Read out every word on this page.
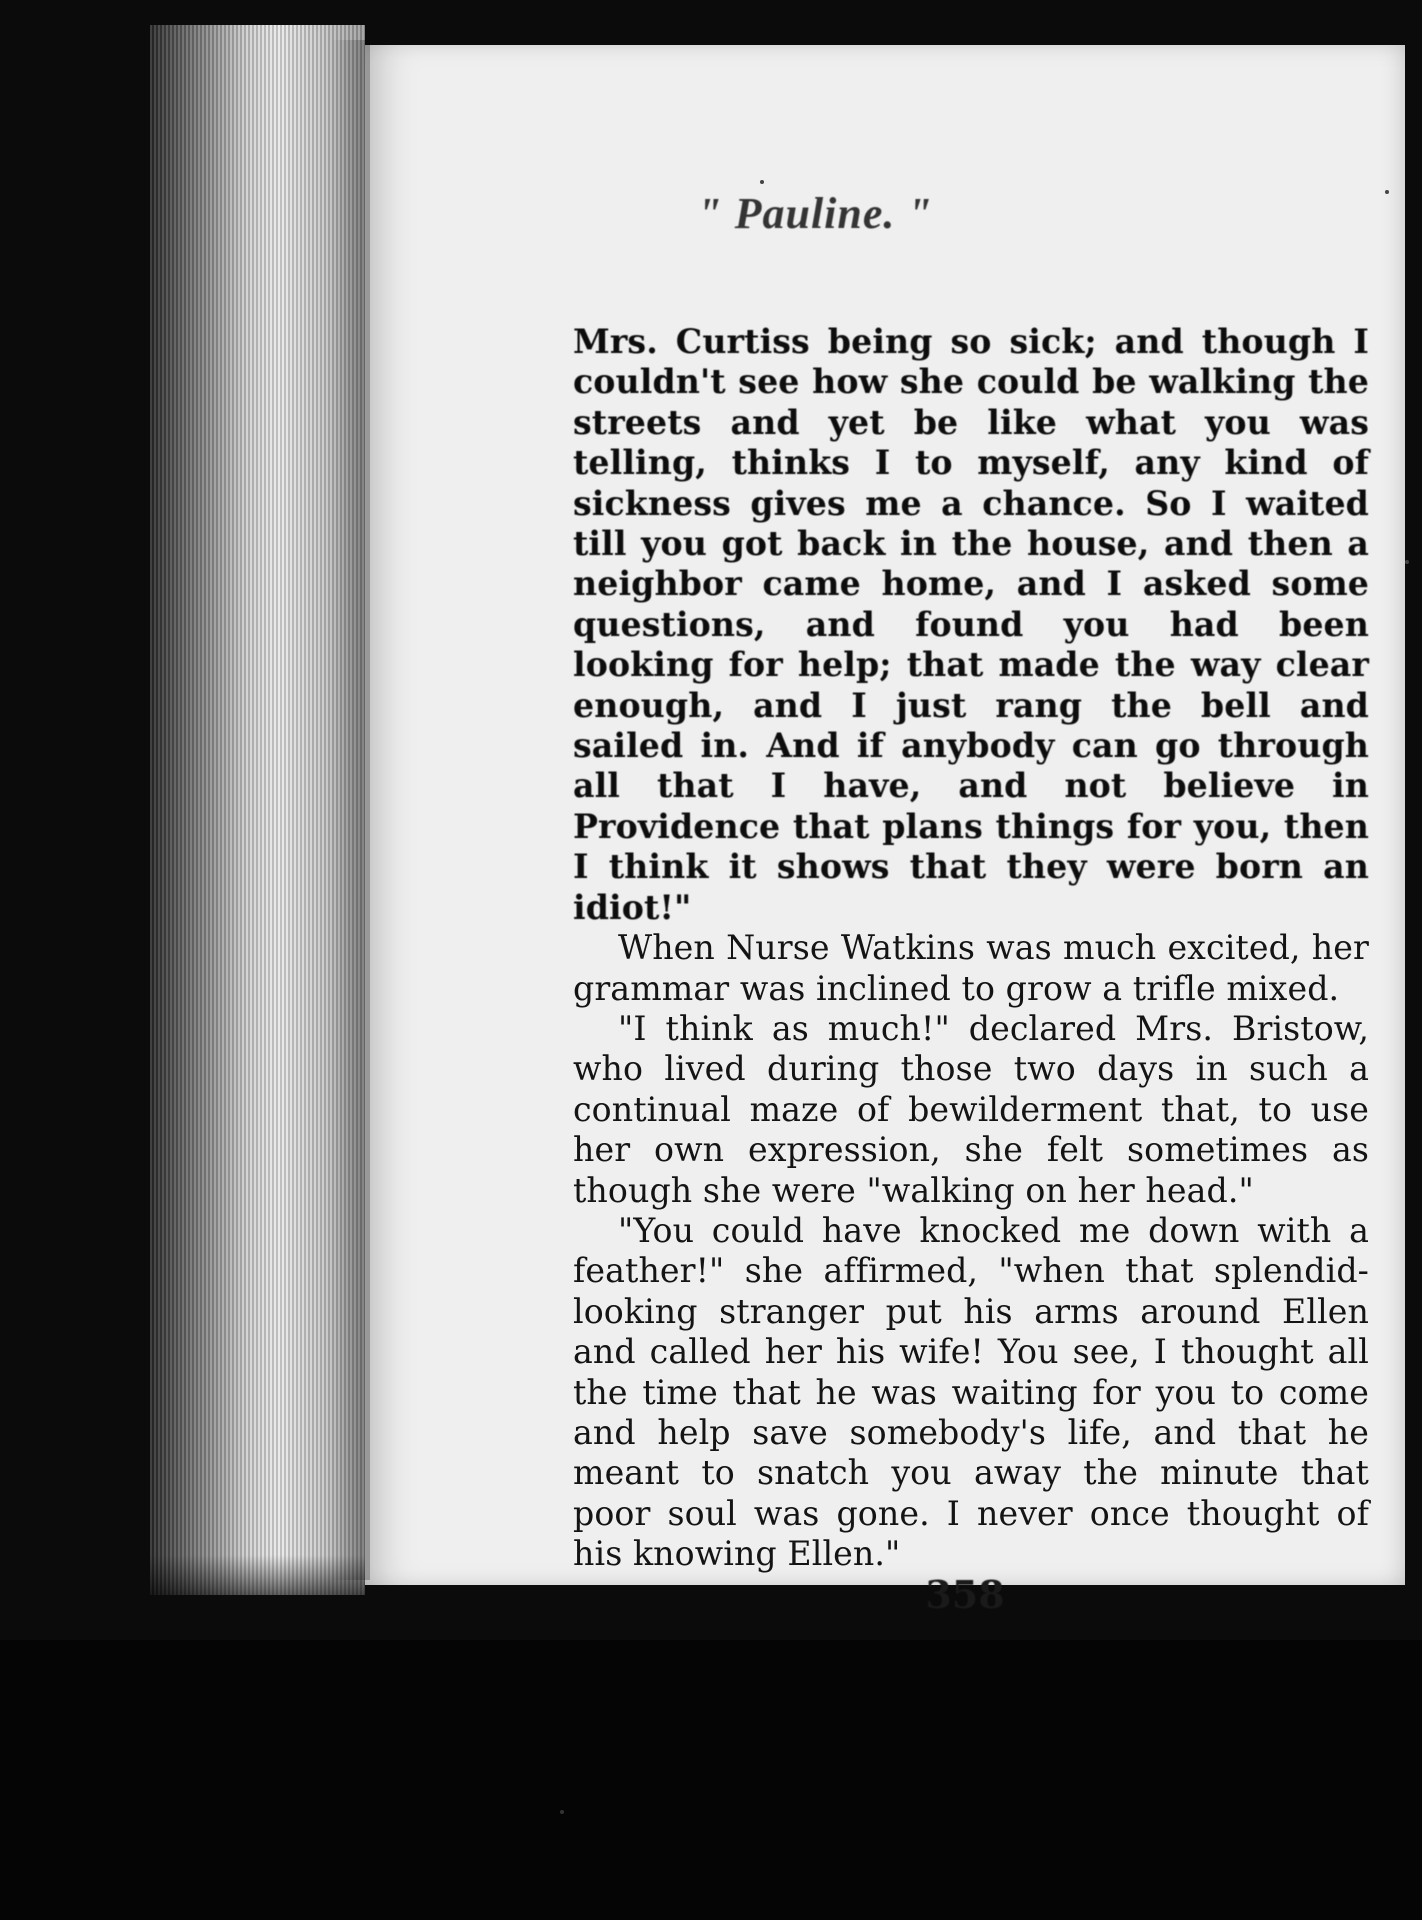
" Pauline. "

Mrs. Curtiss being so sick; and though I couldn't see how she could be walking the streets and yet be like what you was telling, thinks I to myself, any kind of sickness gives me a chance. So I waited till you got back in the house, and then a neighbor came home, and I asked some questions, and found you had been looking for help; that made the way clear enough, and I just rang the bell and sailed in. And if anybody can go through all that I have, and not believe in Providence that plans things for you, then I think it shows that they were born an idiot!"

When Nurse Watkins was much excited, her grammar was inclined to grow a trifle mixed.

"I think as much!" declared Mrs. Bristow, who lived during those two days in such a continual maze of bewilderment that, to use her own expression, she felt sometimes as though she were "walking on her head."

"You could have knocked me down with a feather!" she affirmed, "when that splendid-looking stranger put his arms around Ellen and called her his wife! You see, I thought all the time that he was waiting for you to come and help save somebody's life, and that he meant to snatch you away the minute that poor soul was gone. I never once thought of his knowing Ellen."

358
